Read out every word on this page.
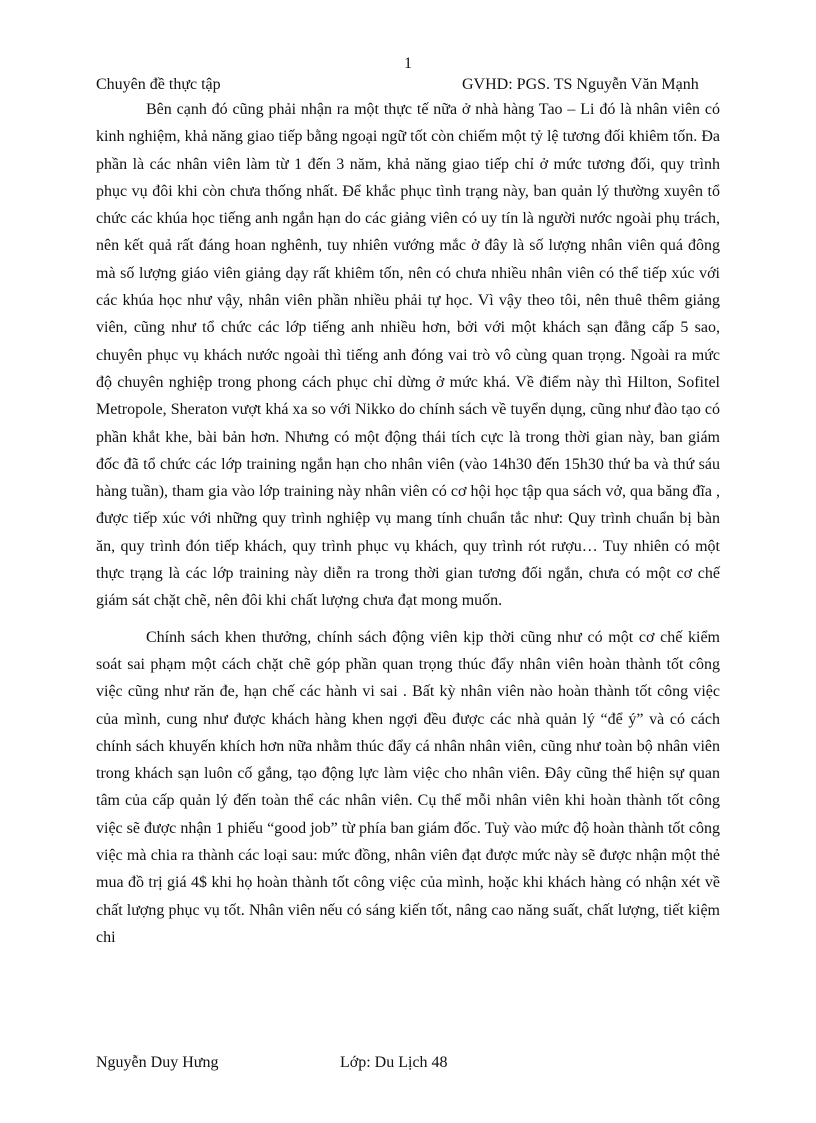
1
Chuyên đề thực tập	GVHD: PGS. TS Nguyễn Văn Mạnh

Bên cạnh đó cũng phải nhận ra một thực tế nữa ở nhà hàng Tao – Li đó là nhân viên có kinh nghiệm, khả năng giao tiếp bằng ngoại ngữ tốt còn chiếm một tỷ lệ tương đối khiêm tốn. Đa phần là các nhân viên làm từ 1 đến 3 năm, khả năng giao tiếp chỉ ở mức tương đối, quy trình phục vụ đôi khi còn chưa thống nhất. Để khắc phục tình trạng này, ban quản lý thường xuyên tổ chức các khúa học tiếng anh ngắn hạn do các giảng viên có uy tín là người nước ngoài phụ trách, nên kết quả rất đáng hoan nghênh, tuy nhiên vướng mắc ở đây là số lượng nhân viên quá đông mà số lượng giáo viên giảng dạy rất khiêm tốn, nên có chưa nhiều nhân viên có thể tiếp xúc với các khúa học như vậy, nhân viên phần nhiều phải tự học. Vì vậy theo tôi, nên thuê thêm giảng viên, cũng như tổ chức các lớp tiếng anh nhiều hơn, bởi với một khách sạn đẳng cấp 5 sao, chuyên phục vụ khách nước ngoài thì tiếng anh đóng vai trò vô cùng quan trọng. Ngoài ra mức độ chuyên nghiệp trong phong cách phục chỉ dừng ở mức khá. Về điểm này thì Hilton, Sofitel Metropole, Sheraton vượt khá xa so với Nikko do chính sách về tuyển dụng, cũng như đào tạo có phần khắt khe, bài bản hơn. Nhưng có một động thái tích cực là trong thời gian này, ban giám đốc đã tổ chức các lớp training ngắn hạn cho nhân viên (vào 14h30 đến 15h30 thứ ba và thứ sáu hàng tuần), tham gia vào lớp training này nhân viên có cơ hội học tập qua sách vở, qua băng đĩa , được tiếp xúc với những quy trình nghiệp vụ mang tính chuẩn tắc như: Quy trình chuẩn bị bàn ăn, quy trình đón tiếp khách, quy trình phục vụ khách, quy trình rót rượu… Tuy nhiên có một thực trạng là các lớp training này diễn ra trong thời gian tương đối ngắn, chưa có một cơ chế giám sát chặt chẽ, nên đôi khi chất lượng chưa đạt mong muốn.

Chính sách khen thưởng, chính sách động viên kịp thời cũng như có một cơ chế kiểm soát sai phạm một cách chặt chẽ góp phần quan trọng thúc đẩy nhân viên hoàn thành tốt công việc cũng như răn đe, hạn chế các hành vi sai . Bất kỳ nhân viên nào hoàn thành tốt công việc của mình, cung như được khách hàng khen ngợi đều được các nhà quản lý “để ý” và có cách chính sách khuyến khích hơn nữa nhằm thúc đẩy cá nhân nhân viên, cũng như toàn bộ nhân viên trong khách sạn luôn cố gắng, tạo động lực làm việc cho nhân viên. Đây cũng thể hiện sự quan tâm của cấp quản lý đến toàn thể các nhân viên. Cụ thể mỗi nhân viên khi hoàn thành tốt công việc sẽ được nhận 1 phiếu “good job” từ phía ban giám đốc. Tuỳ vào mức độ hoàn thành tốt công việc mà chia ra thành các loại sau: mức đồng, nhân viên đạt được mức này sẽ được nhận một thẻ mua đồ trị giá 4$ khi họ hoàn thành tốt công việc của mình, hoặc khi khách hàng có nhận xét về chất lượng phục vụ tốt. Nhân viên nếu có sáng kiến tốt, nâng cao năng suất, chất lượng, tiết kiệm chi

Nguyễn Duy Hưng	Lớp: Du Lịch 48
